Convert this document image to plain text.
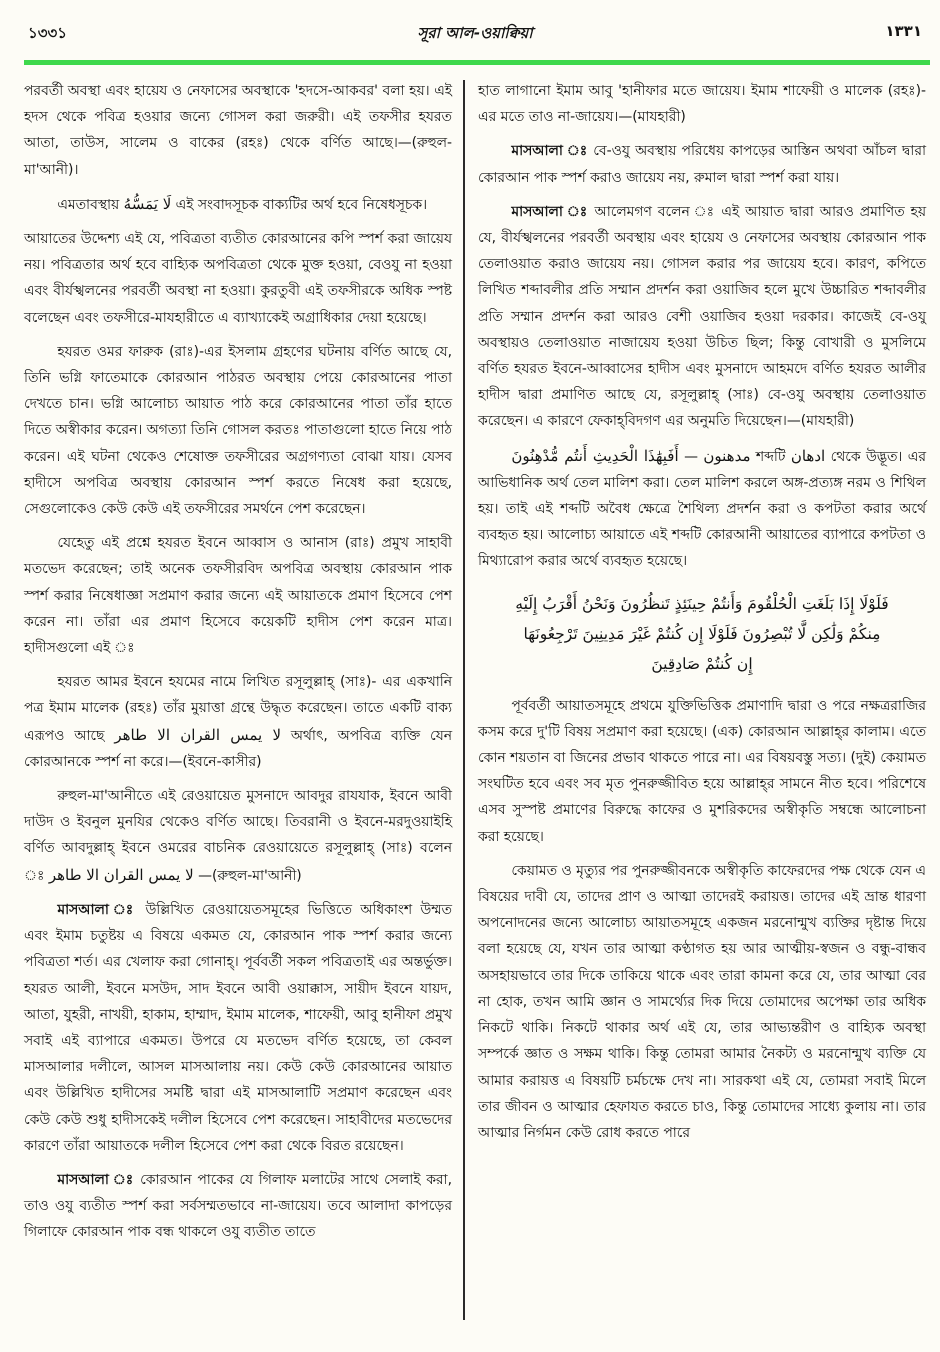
১৩৩১	সূরা আল-ওয়াক্বিয়া	١٣٣١

পরবর্তী অবস্থা এবং হায়েয ও নেফাসের অবস্থাকে 'হদসে-আকবর' বলা হয়। এই হদস থেকে পবিত্র হওয়ার জন্যে গোসল করা জরুরী। এই তফসীর হযরত আতা, তাউস, সালেম ও বাকের (রহঃ) থেকে বর্ণিত আছে।—(রুহুল-মা'আনী)।

এমতাবস্থায় لَا يَمَسُّهُ এই সংবাদসূচক বাক্যটির অর্থ হবে নিষেধসূচক।

আয়াতের উদ্দেশ্য এই যে, পবিত্রতা ব্যতীত কোরআনের কপি স্পর্শ করা জায়েয নয়। পবিত্রতার অর্থ হবে বাহ্যিক অপবিত্রতা থেকে মুক্ত হওয়া, বেওযু না হওয়া এবং বীর্যস্খলনের পরবর্তী অবস্থা না হওয়া। কুরতুবী এই তফসীরকে অধিক স্পষ্ট বলেছেন এবং তফসীরে-মাযহারীতে এ ব্যাখ্যাকেই অগ্রাধিকার দেয়া হয়েছে।

হযরত ওমর ফারুক (রাঃ)-এর ইসলাম গ্রহণের ঘটনায় বর্ণিত আছে যে, তিনি ভগ্নি ফাতেমাকে কোরআন পাঠরত অবস্থায় পেয়ে কোরআনের পাতা দেখতে চান। ভগ্নি আলোচ্য আয়াত পাঠ করে কোরআনের পাতা তাঁর হাতে দিতে অস্বীকার করেন। অগত্যা তিনি গোসল করতঃ পাতাগুলো হাতে নিয়ে পাঠ করেন। এই ঘটনা থেকেও শেষোক্ত তফসীরের অগ্রগণ্যতা বোঝা যায়। যেসব হাদীসে অপবিত্র অবস্থায় কোরআন স্পর্শ করতে নিষেধ করা হয়েছে, সেগুলোকেও কেউ কেউ এই তফসীরের সমর্থনে পেশ করেছেন।

যেহেতু এই প্রশ্নে হযরত ইবনে আব্বাস ও আনাস (রাঃ) প্রমুখ সাহাবী মতভেদ করেছেন; তাই অনেক তফসীরবিদ অপবিত্র অবস্থায় কোরআন পাক স্পর্শ করার নিষেধাজ্ঞা সপ্রমাণ করার জন্যে এই আয়াতকে প্রমাণ হিসেবে পেশ করেন না। তাঁরা এর প্রমাণ হিসেবে কয়েকটি হাদীস পেশ করেন মাত্র। হাদীসগুলো এই ঃ

হযরত আমর ইবনে হযমের নামে লিখিত রসূলুল্লাহ্ (সাঃ)- এর একখানি পত্র ইমাম মালেক (রহঃ) তাঁর মুয়াত্তা গ্রন্থে উদ্ধৃত করেছেন। তাতে একটি বাক্য এরূপও আছে لا يمس القران الا طاهر অর্থাৎ, অপবিত্র ব্যক্তি যেন কোরআনকে স্পর্শ না করে।—(ইবনে-কাসীর)

রুহুল-মা'আনীতে এই রেওয়ায়েত মুসনাদে আবদুর রাযযাক, ইবনে আবী দাউদ ও ইবনুল মুনযির থেকেও বর্ণিত আছে। তিবরানী ও ইবনে-মরদুওয়াইহি বর্ণিত আবদুল্লাহ্ ইবনে ওমরের বাচনিক রেওয়ায়েতে রসূলুল্লাহ্ (সাঃ) বলেন ঃ لا يمس القران الا طاهر —(রুহুল-মা'আনী)

মাসআলা ঃ উল্লিখিত রেওয়ায়েতসমূহের ভিত্তিতে অধিকাংশ উম্মত এবং ইমাম চতুষ্টয় এ বিষয়ে একমত যে, কোরআন পাক স্পর্শ করার জন্যে পবিত্রতা শর্ত। এর খেলাফ করা গোনাহ্। পূর্ববর্তী সকল পবিত্রতাই এর অন্তর্ভুক্ত। হযরত আলী, ইবনে মসউদ, সাদ ইবনে আবী ওয়াক্কাস, সায়ীদ ইবনে যায়দ, আতা, যুহরী, নাখয়ী, হাকাম, হাম্মাদ, ইমাম মালেক, শাফেয়ী, আবু হানীফা প্রমুখ সবাই এই ব্যাপারে একমত। উপরে যে মতভেদ বর্ণিত হয়েছে, তা কেবল মাসআলার দলীলে, আসল মাসআলায় নয়। কেউ কেউ কোরআনের আয়াত এবং উল্লিখিত হাদীসের সমষ্টি দ্বারা এই মাসআলাটি সপ্রমাণ করেছেন এবং কেউ কেউ শুধু হাদীসকেই দলীল হিসেবে পেশ করেছেন। সাহাবীদের মতভেদের কারণে তাঁরা আয়াতকে দলীল হিসেবে পেশ করা থেকে বিরত রয়েছেন।

মাসআলা ঃ কোরআন পাকের যে গিলাফ মলাটের সাথে সেলাই করা, তাও ওযু ব্যতীত স্পর্শ করা সর্বসম্মতভাবে না-জায়েয। তবে আলাদা কাপড়ের গিলাফে কোরআন পাক বন্ধ থাকলে ওযু ব্যতীত তাতে

হাত লাগানো ইমাম আবু 'হানীফার মতে জায়েয। ইমাম শাফেয়ী ও মালেক (রহঃ)-এর মতে তাও না-জায়েয।—(মাযহারী)

মাসআলা ঃ বে-ওযু অবস্থায় পরিধেয় কাপড়ের আস্তিন অথবা আঁচল দ্বারা কোরআন পাক স্পর্শ করাও জায়েয নয়, রুমাল দ্বারা স্পর্শ করা যায়।

মাসআলা ঃ আলেমগণ বলেন ঃ এই আয়াত দ্বারা আরও প্রমাণিত হয় যে, বীর্যস্খলনের পরবর্তী অবস্থায় এবং হায়েয ও নেফাসের অবস্থায় কোরআন পাক তেলাওয়াত করাও জায়েয নয়। গোসল করার পর জায়েয হবে। কারণ, কপিতে লিখিত শব্দাবলীর প্রতি সম্মান প্রদর্শন করা ওয়াজিব হলে মুখে উচ্চারিত শব্দাবলীর প্রতি সম্মান প্রদর্শন করা আরও বেশী ওয়াজিব হওয়া দরকার। কাজেই বে-ওযু অবস্থায়ও তেলাওয়াত নাজায়েয হওয়া উচিত ছিল; কিন্তু বোখারী ও মুসলিমে বর্ণিত হযরত ইবনে-আব্বাসের হাদীস এবং মুসনাদে আহমদে বর্ণিত হযরত আলীর হাদীস দ্বারা প্রমাণিত আছে যে, রসূলুল্লাহ্ (সাঃ) বে-ওযু অবস্থায় তেলাওয়াত করেছেন। এ কারণে ফেকাহ্‌বিদগণ এর অনুমতি দিয়েছেন।—(মাযহারী)

أَفَبِهَٰذَا الْحَدِيثِ أَنتُم مُّدْهِنُونَ — مدهنون শব্দটি ادهان থেকে উদ্ভূত। এর আভিধানিক অর্থ তেল মালিশ করা। তেল মালিশ করলে অঙ্গ-প্রত্যঙ্গ নরম ও শিথিল হয়। তাই এই শব্দটি অবৈধ ক্ষেত্রে শৈথিল্য প্রদর্শন করা ও কপটতা করার অর্থে ব্যবহৃত হয়। আলোচ্য আয়াতে এই শব্দটি কোরআনী আয়াতের ব্যাপারে কপটতা ও মিথ্যারোপ করার অর্থে ব্যবহৃত হয়েছে।

فَلَوْلَا إِذَا بَلَغَتِ الْحُلْقُومَ وَأَنتُمْ حِينَئِذٍ تَنظُرُونَ وَنَحْنُ أَقْرَبُ إِلَيْهِ
مِنكُمْ وَلَٰكِن لَّا تُبْصِرُونَ فَلَوْلَا إِن كُنتُمْ غَيْرَ مَدِينِينَ تَرْجِعُونَهَا
إِن كُنتُمْ صَادِقِينَ

পূর্ববর্তী আয়াতসমূহে প্রথমে যুক্তিভিত্তিক প্রমাণাদি দ্বারা ও পরে নক্ষত্ররাজির কসম করে দু'টি বিষয় সপ্রমাণ করা হয়েছে। (এক) কোরআন আল্লাহ্‌র কালাম। এতে কোন শয়তান বা জিনের প্রভাব থাকতে পারে না। এর বিষয়বস্তু সত্য। (দুই) কেয়ামত সংঘটিত হবে এবং সব মৃত পুনরুজ্জীবিত হয়ে আল্লাহ্‌র সামনে নীত হবে। পরিশেষে এসব সুস্পষ্ট প্রমাণের বিরুদ্ধে কাফের ও মুশরিকদের অস্বীকৃতি সম্বন্ধে আলোচনা করা হয়েছে।

কেয়ামত ও মৃত্যুর পর পুনরুজ্জীবনকে অস্বীকৃতি কাফেরদের পক্ষ থেকে যেন এ বিষয়ের দাবী যে, তাদের প্রাণ ও আত্মা তাদেরই করায়ত্ত। তাদের এই ভ্রান্ত ধারণা অপনোদনের জন্যে আলোচ্য আয়াতসমূহে একজন মরনোন্মুখ ব্যক্তির দৃষ্টান্ত দিয়ে বলা হয়েছে যে, যখন তার আত্মা কণ্ঠাগত হয় আর আত্মীয়-স্বজন ও বন্ধু-বান্ধব অসহায়ভাবে তার দিকে তাকিয়ে থাকে এবং তারা কামনা করে যে, তার আত্মা বের না হোক, তখন আমি জ্ঞান ও সামর্থ্যের দিক দিয়ে তোমাদের অপেক্ষা তার অধিক নিকটে থাকি। নিকটে থাকার অর্থ এই যে, তার আভ্যন্তরীণ ও বাহ্যিক অবস্থা সম্পর্কে জ্ঞাত ও সক্ষম থাকি। কিন্তু তোমরা আমার নৈকট্য ও মরনোন্মুখ ব্যক্তি যে আমার করায়ত্ত এ বিষয়টি চর্মচক্ষে দেখ না। সারকথা এই যে, তোমরা সবাই মিলে তার জীবন ও আত্মার হেফাযত করতে চাও, কিন্তু তোমাদের সাধ্যে কুলায় না। তার আত্মার নির্গমন কেউ রোধ করতে পারে
